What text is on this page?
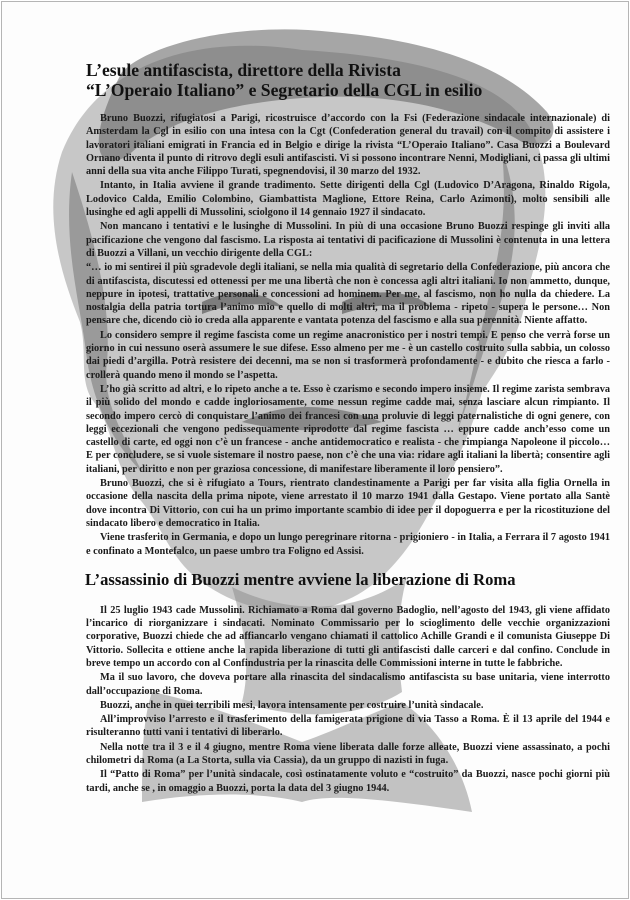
L’esule antifascista, direttore della Rivista
“L’Operaio Italiano” e Segretario della CGL in esilio

Bruno Buozzi, rifugiatosi a Parigi, ricostruisce d’accordo con la Fsi (Federazione sindacale internazionale) di Amsterdam la Cgl in esilio con una intesa con la Cgt (Confederation general du travail) con il compito di assistere i lavoratori italiani emigrati in Francia ed in Belgio e dirige la rivista “L’Operaio Italiano”. Casa Buozzi a Boulevard Ornano diventa il punto di ritrovo degli esuli antifascisti. Vi si possono incontrare Nenni, Modigliani, ci passa gli ultimi anni della sua vita anche Filippo Turati, spegnendovisi, il 30 marzo del 1932.

Intanto, in Italia avviene il grande tradimento. Sette dirigenti della Cgl (Ludovico D’Aragona, Rinaldo Rigola, Lodovico Calda, Emilio Colombino, Giambattista Maglione, Ettore Reina, Carlo Azimonti), molto sensibili alle lusinghe ed agli appelli di Mussolini, sciolgono il 14 gennaio 1927 il sindacato.

Non mancano i tentativi e le lusinghe di Mussolini. In più di una occasione Bruno Buozzi respinge gli inviti alla pacificazione che vengono dal fascismo. La risposta ai tentativi di pacificazione di Mussolini è contenuta in una lettera di Buozzi a Villani, un vecchio dirigente della CGL:

“… io mi sentirei il più sgradevole degli italiani, se nella mia qualità di segretario della Confederazione, più ancora che di antifascista, discutessi ed ottenessi per me una libertà che non è concessa agli altri italiani. Io non ammetto, dunque, neppure in ipotesi, trattative personali e concessioni ad hominem. Per me, al fascismo, non ho nulla da chiedere. La nostalgia della patria tortura l’animo mio e quello di molti altri, ma il problema - ripeto - supera le persone… Non pensare che, dicendo ciò io creda alla apparente e vantata potenza del fascismo e alla sua perennità. Niente affatto.

Lo considero sempre il regime fascista come un regime anacronistico per i nostri tempi. E penso che verrà forse un giorno in cui nessuno oserà assumere le sue difese. Esso almeno per me - è un castello costruito sulla sabbia, un colosso dai piedi d’argilla. Potrà resistere dei decenni, ma se non si trasformerà profondamente - e dubito che riesca a farlo - crollerà quando meno il mondo se l’aspetta.

L’ho già scritto ad altri, e lo ripeto anche a te. Esso è czarismo e secondo impero insieme. Il regime zarista sembrava il più solido del mondo e cadde ingloriosamente, come nessun regime cadde mai, senza lasciare alcun rimpianto. Il secondo impero cercò di conquistare l’animo dei francesi con una proluvie di leggi paternalistiche di ogni genere, con leggi eccezionali che vengono pedissequamente riprodotte dal regime fascista … eppure cadde anch’esso come un castello di carte, ed oggi non c’è un francese - anche antidemocratico e realista - che rimpianga Napoleone il piccolo… E per concludere, se si vuole sistemare il nostro paese, non c’è che una via: ridare agli italiani la libertà; consentire agli italiani, per diritto e non per graziosa concessione, di manifestare liberamente il loro pensiero”.

Bruno Buozzi, che si è rifugiato a Tours, rientrato clandestinamente a Parigi per far visita alla figlia Ornella in occasione della nascita della prima nipote, viene arrestato il 10 marzo 1941 dalla Gestapo. Viene portato alla Santè dove incontra Di Vittorio, con cui ha un primo importante scambio di idee per il dopoguerra e per la ricostituzione del sindacato libero e democratico in Italia.

Viene trasferito in Germania, e dopo un lungo peregrinare ritorna - prigioniero - in Italia, a Ferrara il 7 agosto 1941 e confinato a Montefalco, un paese umbro tra Foligno ed Assisi.

L’assassinio di Buozzi mentre avviene la liberazione di Roma

Il 25 luglio 1943 cade Mussolini. Richiamato a Roma dal governo Badoglio, nell’agosto del 1943, gli viene affidato l’incarico di riorganizzare i sindacati. Nominato Commissario per lo scioglimento delle vecchie organizzazioni corporative, Buozzi chiede che ad affiancarlo vengano chiamati il cattolico Achille Grandi e il comunista Giuseppe Di Vittorio. Sollecita e ottiene anche la rapida liberazione di tutti gli antifascisti dalle carceri e dal confino. Conclude in breve tempo un accordo con al Confindustria per la rinascita delle Commissioni interne in tutte le fabbriche.

Ma il suo lavoro, che doveva portare alla rinascita del sindacalismo antifascista su base unitaria, viene interrotto dall’occupazione di Roma.

Buozzi, anche in quei terribili mesi, lavora intensamente per costruire l’unità sindacale.

All’improvviso l’arresto e il trasferimento della famigerata prigione di via Tasso a Roma. È il 13 aprile del 1944 e risulteranno tutti vani i tentativi di liberarlo.

Nella notte tra il 3 e il 4 giugno, mentre Roma viene liberata dalle forze alleate, Buozzi viene assassinato, a pochi chilometri da Roma (a La Storta, sulla via Cassia), da un gruppo di nazisti in fuga.

Il “Patto di Roma” per l’unità sindacale, così ostinatamente voluto e “costruito” da Buozzi, nasce pochi giorni più tardi, anche se , in omaggio a Buozzi, porta la data del 3 giugno 1944.
